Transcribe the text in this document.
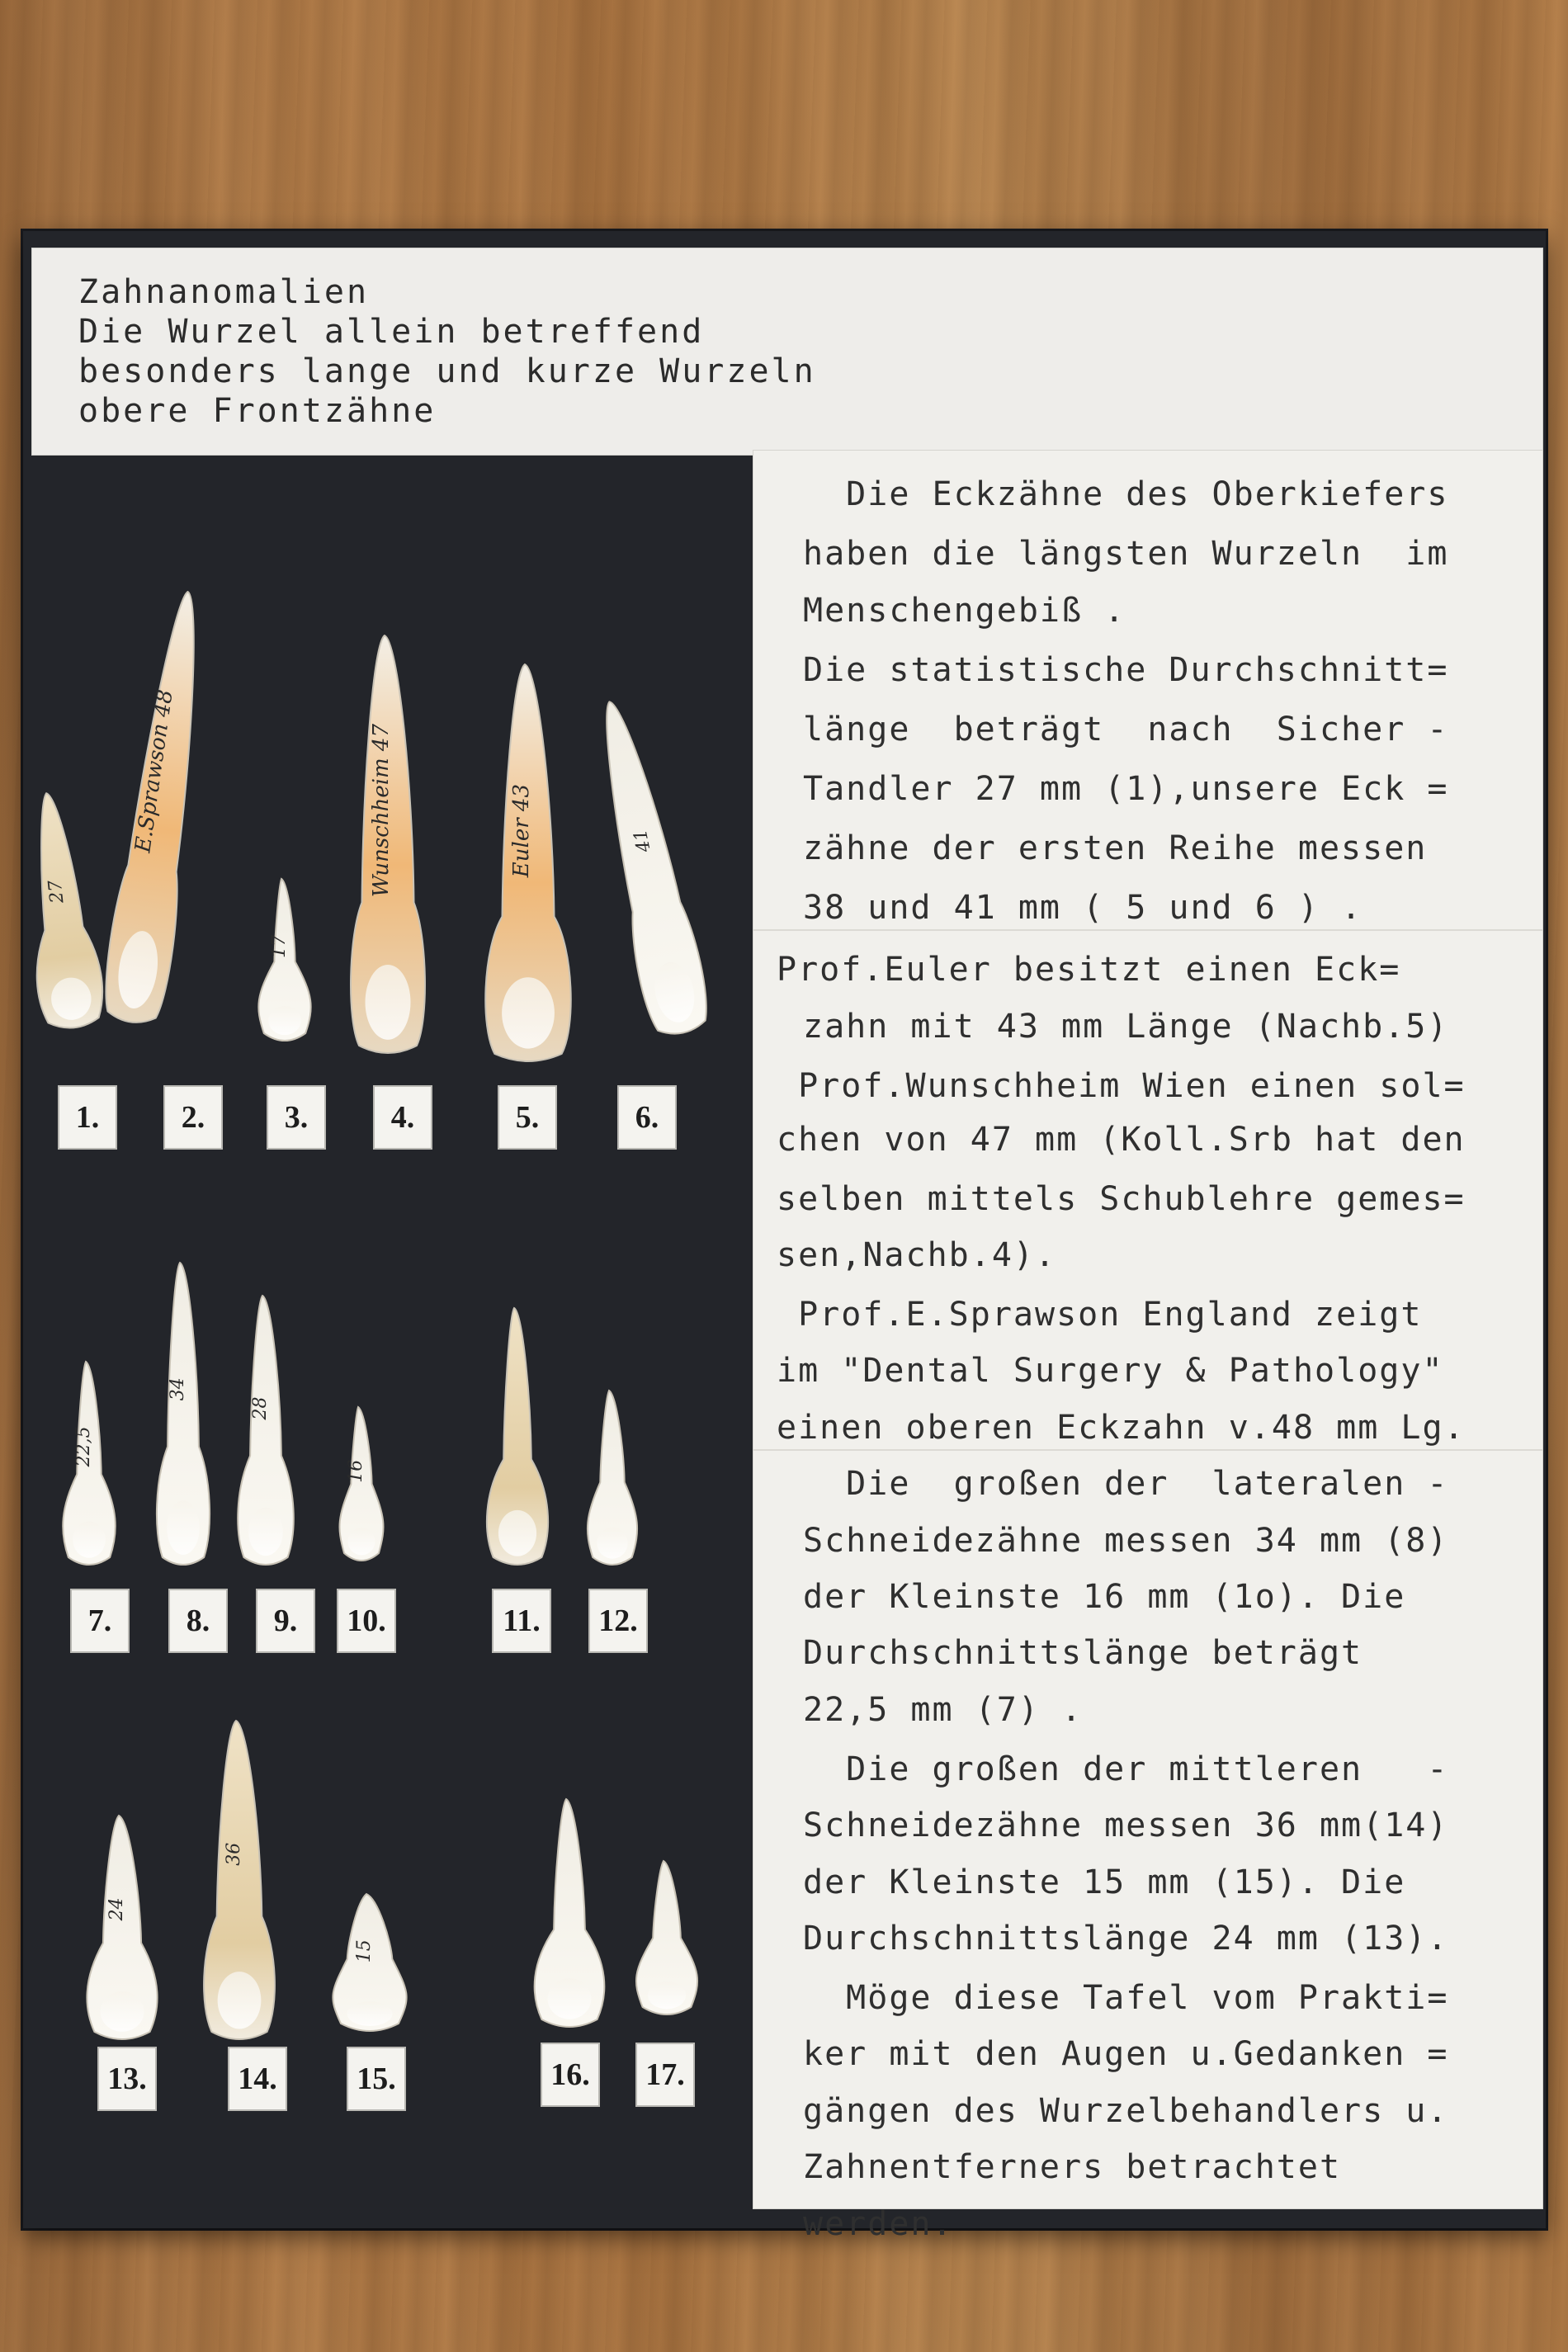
Zahnanomalien
Die Wurzel allein betreffend
besonders lange und kurze Wurzeln
obere Frontzähne
Die Eckzähne des Oberkiefers
haben die längsten Wurzeln  im
Menschengebiß .
Die statistische Durchschnitt=
länge  beträgt  nach  Sicher -
Tandler 27 mm (1),unsere Eck =
zähne der ersten Reihe messen
38 und 41 mm ( 5 und 6 ) .
Prof.Euler besitzt einen Eck=
zahn mit 43 mm Länge (Nachb.5)
Prof.Wunschheim Wien einen sol=
chen von 47 mm (Koll.Srb hat den
selben mittels Schublehre gemes=
sen,Nachb.4).
Prof.E.Sprawson England zeigt
im "Dental Surgery & Pathology"
einen oberen Eckzahn v.48 mm Lg.
Die  großen der  lateralen -
Schneidezähne messen 34 mm (8)
der Kleinste 16 mm (1o). Die
Durchschnittslänge beträgt
22,5 mm (7) .
Die großen der mittleren   -
Schneidezähne messen 36 mm(14)
der Kleinste 15 mm (15). Die
Durchschnittslänge 24 mm (13).
Möge diese Tafel vom Prakti=
ker mit den Augen u.Gedanken =
gängen des Wurzelbehandlers u.
Zahnentferners betrachtet
werden.
27
E.Sprawson 48
17
Wunschheim 47	Euler 43	41
22,5
34
28
16
24
36
15
1.	2.	3.	4.	5.	6.
7.	8.	9.	10.	11.	12.
13.	14.	15.	16.	17.
